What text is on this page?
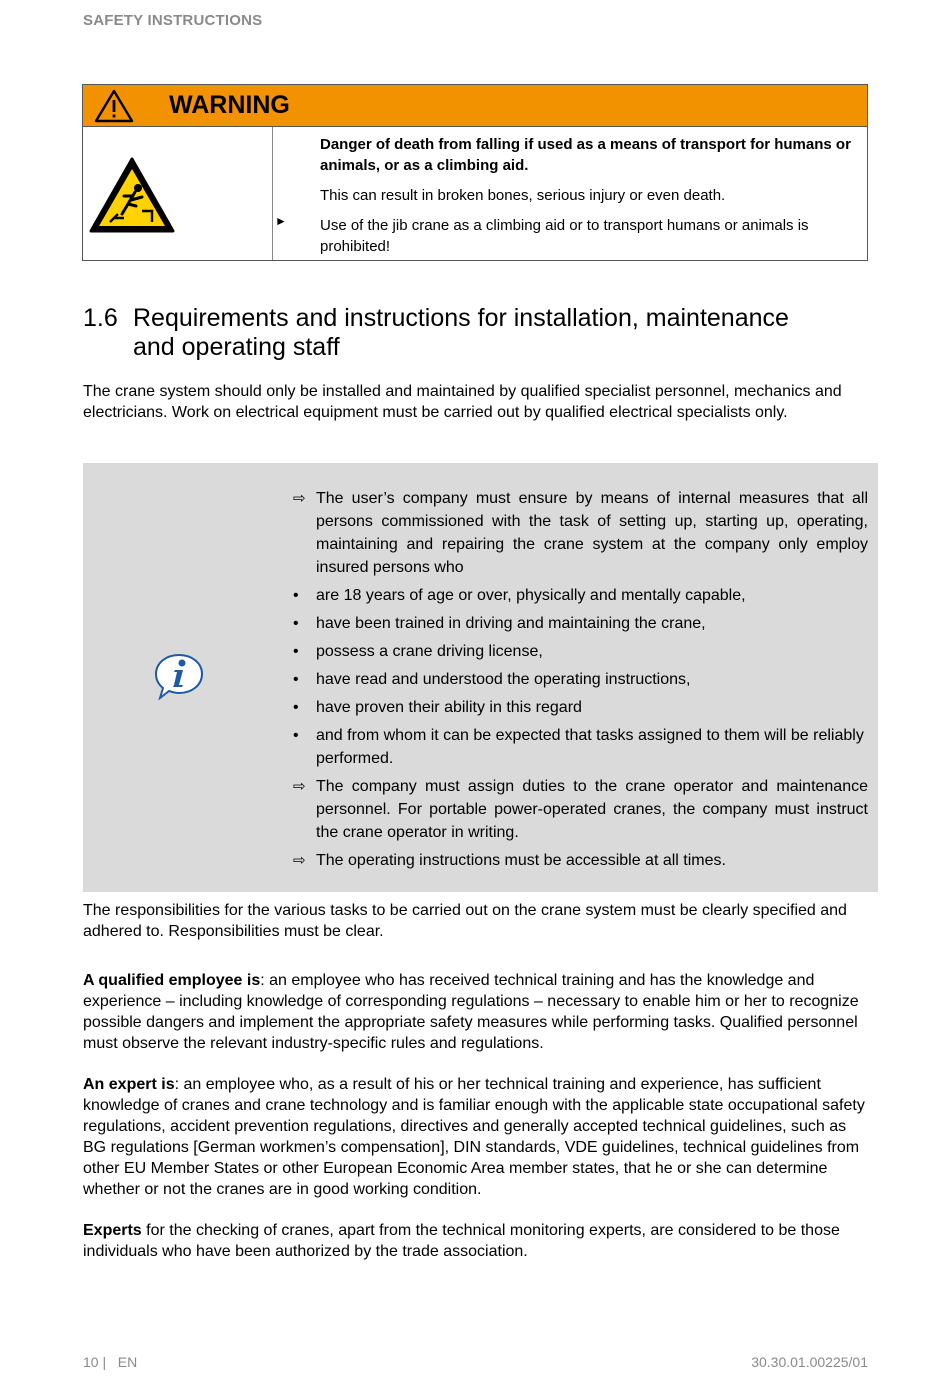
SAFETY INSTRUCTIONS
WARNING
►

Danger of death from falling if used as a means of transport for humans or animals, or as a climbing aid.

This can result in broken bones, serious injury or even death.

Use of the jib crane as a climbing aid or to transport humans or animals is prohibited!

1.6 Requirements and instructions for installation, maintenance and operating staff
The crane system should only be installed and maintained by qualified specialist personnel, mechanics and electricians. Work on electrical equipment must be carried out by qualified electrical specialists only.
⇨ The user’s company must ensure by means of internal measures that all persons commissioned with the task of setting up, starting up, operating, maintaining and repairing the crane system at the company only employ insured persons who
• are 18 years of age or over, physically and mentally capable,
• have been trained in driving and maintaining the crane,
• possess a crane driving license,
• have read and understood the operating instructions,
• have proven their ability in this regard
• and from whom it can be expected that tasks assigned to them will be reliably performed.
⇨ The company must assign duties to the crane operator and maintenance personnel. For portable power-operated cranes, the company must instruct the crane operator in writing.
⇨ The operating instructions must be accessible at all times.
The responsibilities for the various tasks to be carried out on the crane system must be clearly specified and adhered to. Responsibilities must be clear.
A qualified employee is: an employee who has received technical training and has the knowledge and experience – including knowledge of corresponding regulations – necessary to enable him or her to recognize possible dangers and implement the appropriate safety measures while performing tasks. Qualified personnel must observe the relevant industry-specific rules and regulations.
An expert is: an employee who, as a result of his or her technical training and experience, has sufficient knowledge of cranes and crane technology and is familiar enough with the applicable state occupational safety regulations, accident prevention regulations, directives and generally accepted technical guidelines, such as BG regulations [German workmen’s compensation], DIN standards, VDE guidelines, technical guidelines from other EU Member States or other European Economic Area member states, that he or she can determine whether or not the cranes are in good working condition.
Experts for the checking of cranes, apart from the technical monitoring experts, are considered to be those individuals who have been authorized by the trade association.
10 | EN	30.30.01.00225/01
